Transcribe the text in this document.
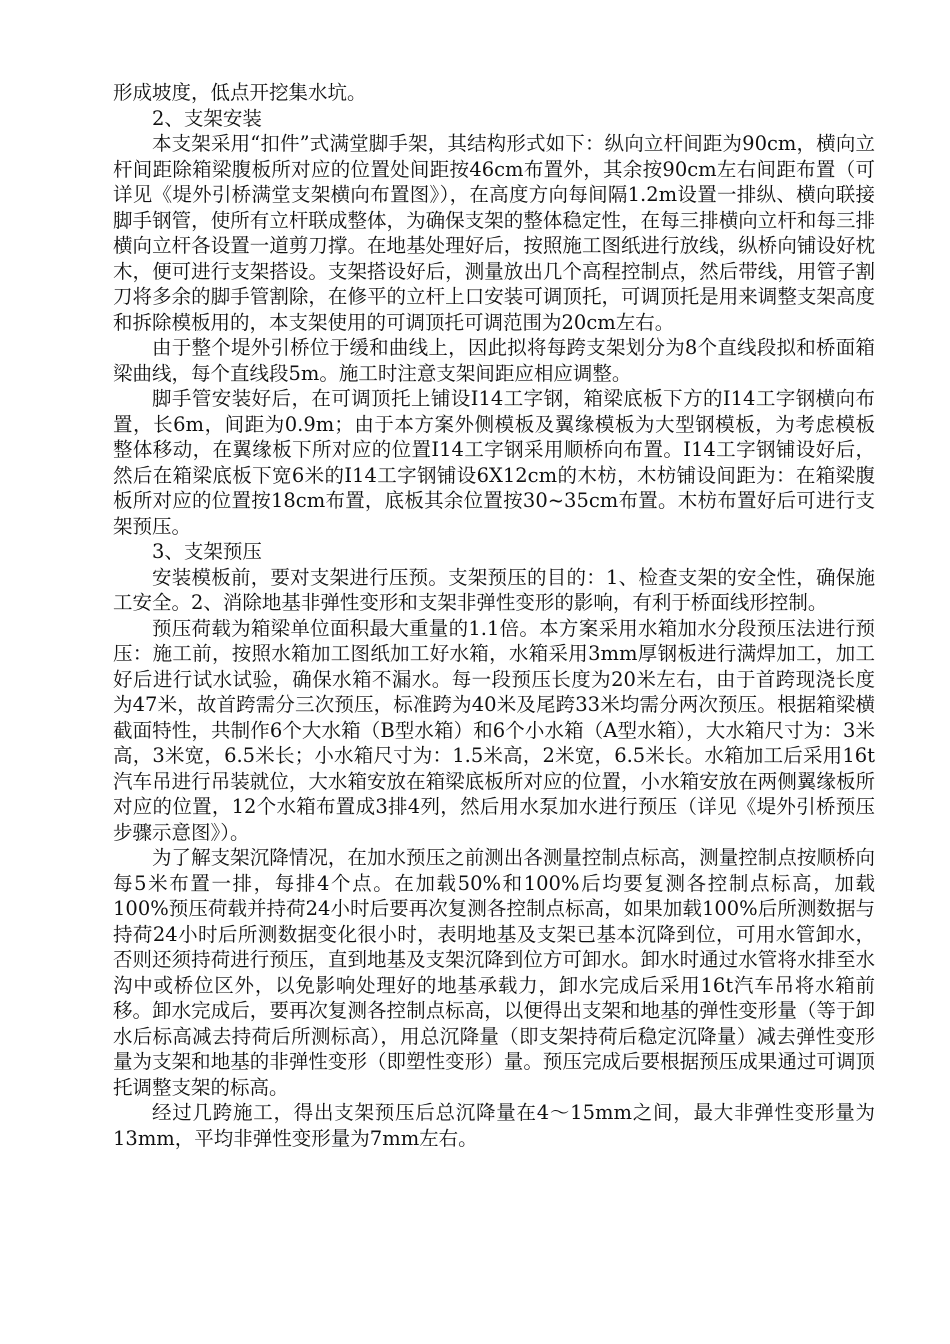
形成坡度，低点开挖集水坑。

2、支架安装

本支架采用“扣件”式满堂脚手架，其结构形式如下：纵向立杆间距为90cm，横向立杆间距除箱梁腹板所对应的位置处间距按46cm布置外，其余按90cm左右间距布置（可详见《堤外引桥满堂支架横向布置图》），在高度方向每间隔1.2m设置一排纵、横向联接脚手钢管，使所有立杆联成整体，为确保支架的整体稳定性，在每三排横向立杆和每三排横向立杆各设置一道剪刀撑。在地基处理好后，按照施工图纸进行放线，纵桥向铺设好枕木，便可进行支架搭设。支架搭设好后，测量放出几个高程控制点，然后带线，用管子割刀将多余的脚手管割除，在修平的立杆上口安装可调顶托，可调顶托是用来调整支架高度和拆除模板用的，本支架使用的可调顶托可调范围为20cm左右。

由于整个堤外引桥位于缓和曲线上，因此拟将每跨支架划分为8个直线段拟和桥面箱梁曲线，每个直线段5m。施工时注意支架间距应相应调整。

脚手管安装好后，在可调顶托上铺设I14工字钢，箱梁底板下方的I14工字钢横向布置，长6m，间距为0.9m；由于本方案外侧模板及翼缘模板为大型钢模板，为考虑模板整体移动，在翼缘板下所对应的位置I14工字钢采用顺桥向布置。I14工字钢铺设好后，然后在箱梁底板下宽6米的I14工字钢铺设6X12cm的木枋，木枋铺设间距为：在箱梁腹板所对应的位置按18cm布置，底板其余位置按30~35cm布置。木枋布置好后可进行支架预压。

3、支架预压

安装模板前，要对支架进行压预。支架预压的目的：1、检查支架的安全性，确保施工安全。2、消除地基非弹性变形和支架非弹性变形的影响，有利于桥面线形控制。

预压荷载为箱梁单位面积最大重量的1.1倍。本方案采用水箱加水分段预压法进行预压：施工前，按照水箱加工图纸加工好水箱，水箱采用3mm厚钢板进行满焊加工，加工好后进行试水试验，确保水箱不漏水。每一段预压长度为20米左右，由于首跨现浇长度为47米，故首跨需分三次预压，标准跨为40米及尾跨33米均需分两次预压。根据箱梁横截面特性，共制作6个大水箱（B型水箱）和6个小水箱（A型水箱），大水箱尺寸为：3米高，3米宽，6.5米长；小水箱尺寸为：1.5米高，2米宽，6.5米长。水箱加工后采用16t汽车吊进行吊装就位，大水箱安放在箱梁底板所对应的位置，小水箱安放在两侧翼缘板所对应的位置，12个水箱布置成3排4列，然后用水泵加水进行预压（详见《堤外引桥预压步骤示意图》）。

为了解支架沉降情况，在加水预压之前测出各测量控制点标高，测量控制点按顺桥向每5米布置一排，每排4个点。在加载50%和100%后均要复测各控制点标高，加载100%预压荷载并持荷24小时后要再次复测各控制点标高，如果加载100%后所测数据与持荷24小时后所测数据变化很小时，表明地基及支架已基本沉降到位，可用水管卸水，否则还须持荷进行预压，直到地基及支架沉降到位方可卸水。卸水时通过水管将水排至水沟中或桥位区外，以免影响处理好的地基承载力，卸水完成后采用16t汽车吊将水箱前移。卸水完成后，要再次复测各控制点标高，以便得出支架和地基的弹性变形量（等于卸水后标高减去持荷后所测标高），用总沉降量（即支架持荷后稳定沉降量）减去弹性变形量为支架和地基的非弹性变形（即塑性变形）量。预压完成后要根据预压成果通过可调顶托调整支架的标高。

经过几跨施工，得出支架预压后总沉降量在4～15mm之间，最大非弹性变形量为13mm，平均非弹性变形量为7mm左右。
